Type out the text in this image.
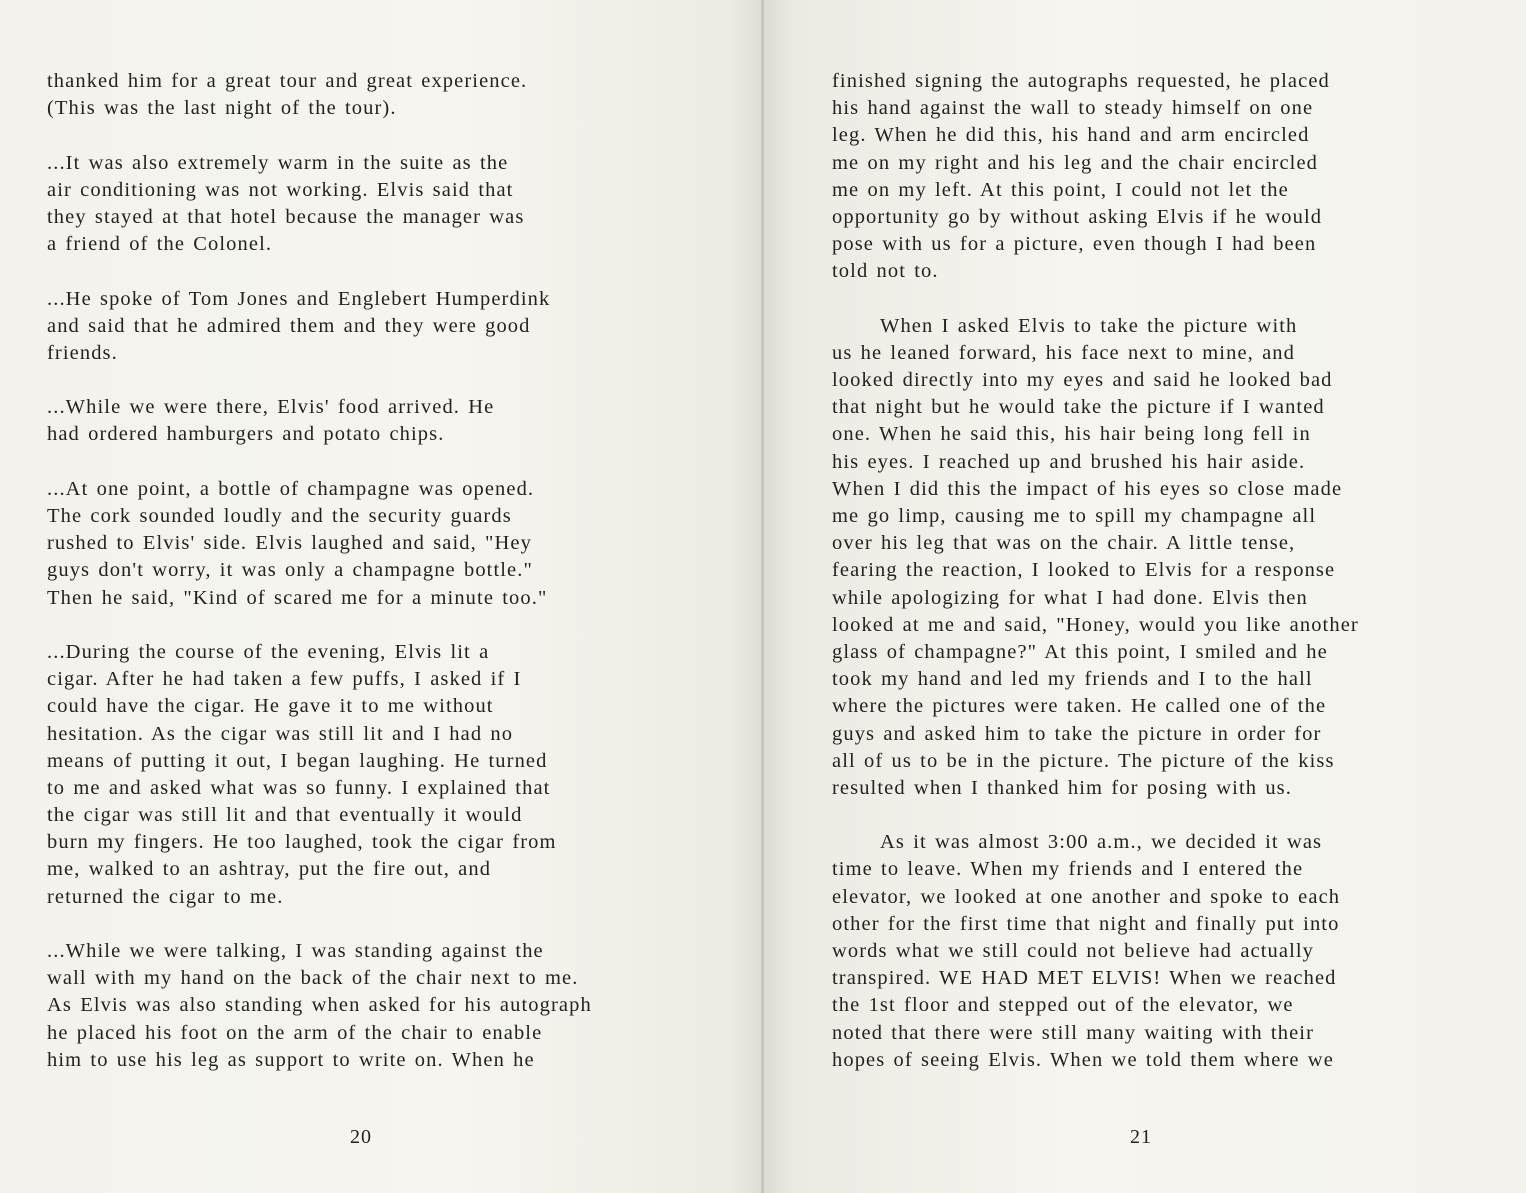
thanked him for a great tour and great experience.
(This was the last night of the tour).
...It was also extremely warm in the suite as the
air conditioning was not working. Elvis said that
they stayed at that hotel because the manager was
a friend of the Colonel.
...He spoke of Tom Jones and Englebert Humperdink
and said that he admired them and they were good
friends.
...While we were there, Elvis' food arrived. He
had ordered hamburgers and potato chips.
...At one point, a bottle of champagne was opened.
The cork sounded loudly and the security guards
rushed to Elvis' side. Elvis laughed and said, "Hey
guys don't worry, it was only a champagne bottle."
Then he said, "Kind of scared me for a minute too."
...During the course of the evening, Elvis lit a
cigar. After he had taken a few puffs, I asked if I
could have the cigar. He gave it to me without
hesitation. As the cigar was still lit and I had no
means of putting it out, I began laughing. He turned
to me and asked what was so funny. I explained that
the cigar was still lit and that eventually it would
burn my fingers. He too laughed, took the cigar from
me, walked to an ashtray, put the fire out, and
returned the cigar to me.
...While we were talking, I was standing against the
wall with my hand on the back of the chair next to me.
As Elvis was also standing when asked for his autograph
he placed his foot on the arm of the chair to enable
him to use his leg as support to write on. When he
20
finished signing the autographs requested, he placed
his hand against the wall to steady himself on one
leg. When he did this, his hand and arm encircled
me on my right and his leg and the chair encircled
me on my left. At this point, I could not let the
opportunity go by without asking Elvis if he would
pose with us for a picture, even though I had been
told not to.
When I asked Elvis to take the picture with
us he leaned forward, his face next to mine, and
looked directly into my eyes and said he looked bad
that night but he would take the picture if I wanted
one. When he said this, his hair being long fell in
his eyes. I reached up and brushed his hair aside.
When I did this the impact of his eyes so close made
me go limp, causing me to spill my champagne all
over his leg that was on the chair. A little tense,
fearing the reaction, I looked to Elvis for a response
while apologizing for what I had done. Elvis then
looked at me and said, "Honey, would you like another
glass of champagne?" At this point, I smiled and he
took my hand and led my friends and I to the hall
where the pictures were taken. He called one of the
guys and asked him to take the picture in order for
all of us to be in the picture. The picture of the kiss
resulted when I thanked him for posing with us.
As it was almost 3:00 a.m., we decided it was
time to leave. When my friends and I entered the
elevator, we looked at one another and spoke to each
other for the first time that night and finally put into
words what we still could not believe had actually
transpired. WE HAD MET ELVIS! When we reached
the 1st floor and stepped out of the elevator, we
noted that there were still many waiting with their
hopes of seeing Elvis. When we told them where we
21
